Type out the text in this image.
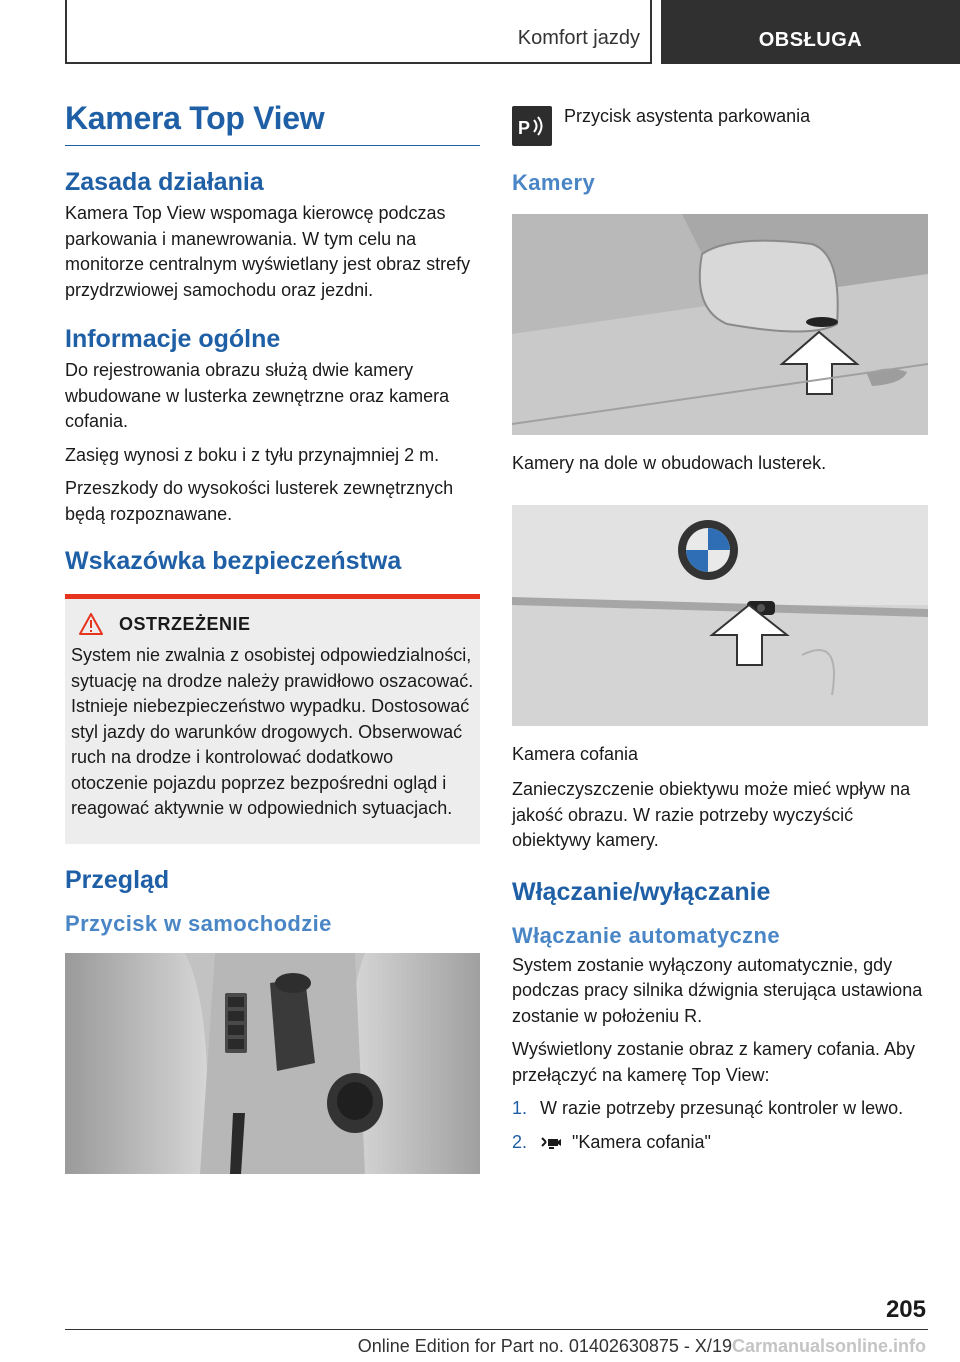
Komfort jazdy	OBSŁUGA
Kamera Top View
Zasada działania

Kamera Top View wspomaga kierowcę podczas parkowania i manewrowania. W tym celu na monitorze centralnym wyświetlany jest obraz strefy przydrzwiowej samochodu oraz jezdni.

Informacje ogólne

Do rejestrowania obrazu służą dwie kamery wbudowane w lusterka zewnętrzne oraz kamera cofania.

Zasięg wynosi z boku i z tyłu przynajmniej 2 m.

Przeszkody do wysokości lusterek zewnętrznych będą rozpoznawane.

Wskazówka bezpieczeństwa
OSTRZEŻENIE

System nie zwalnia z osobistej odpowiedzialności, sytuację na drodze należy prawidłowo oszacować. Istnieje niebezpieczeństwo wypadku. Dostosować styl jazdy do warunków drogowych. Obserwować ruch na drodze i kontrolować dodatkowo otoczenie pojazdu poprzez bezpośredni ogląd i reagować aktywnie w odpowiednich sytuacjach.

Przegląd
Przycisk w samochodzie
P

Przycisk asystenta parkowania

Kamery

Kamery na dole w obudowach lusterek.

Kamera cofania

Zanieczyszczenie obiektywu może mieć wpływ na jakość obrazu. W razie potrzeby wyczyścić obiektywy kamery.

Włączanie/wyłączanie
Włączanie automatyczne

System zostanie wyłączony automatycznie, gdy podczas pracy silnika dźwignia sterująca ustawiona zostanie w położeniu R.

Wyświetlony zostanie obraz z kamery cofania. Aby przełączyć na kamerę Top View:

1. W razie potrzeby przesunąć kontroler w lewo.
2.	"Kamera cofania"
205
Online Edition for Part no. 01402630875 - X/19Carmanualsonline.info
